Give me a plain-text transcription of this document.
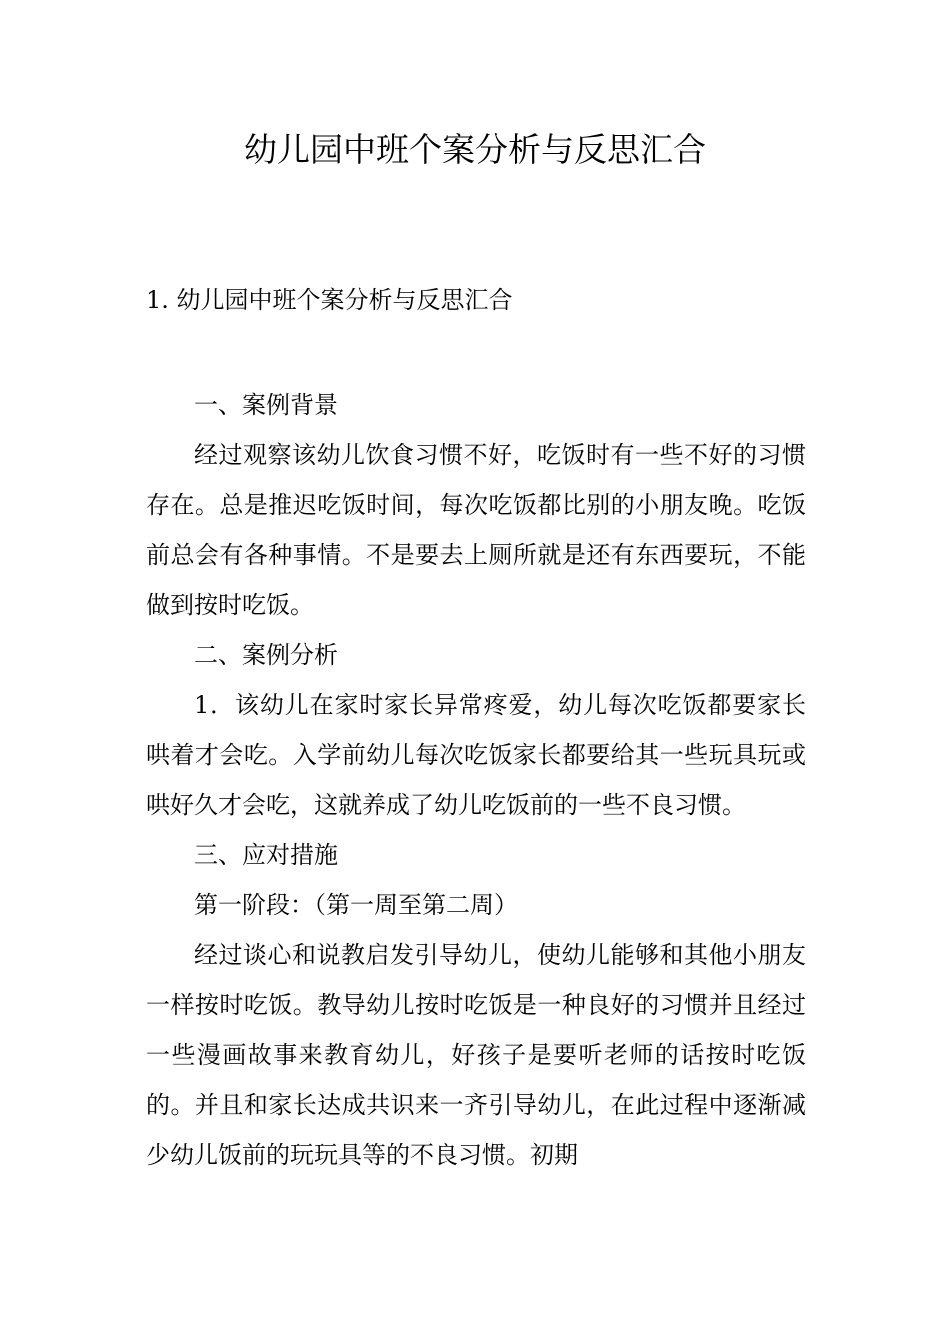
幼儿园中班个案分析与反思汇合
1. 幼儿园中班个案分析与反思汇合

一、案例背景

经过观察该幼儿饮食习惯不好，吃饭时有一些不好的习惯存在。总是推迟吃饭时间，每次吃饭都比别的小朋友晚。吃饭前总会有各种事情。不是要去上厕所就是还有东西要玩，不能做到按时吃饭。

二、案例分析

1．该幼儿在家时家长异常疼爱，幼儿每次吃饭都要家长哄着才会吃。入学前幼儿每次吃饭家长都要给其一些玩具玩或哄好久才会吃，这就养成了幼儿吃饭前的一些不良习惯。

三、应对措施

第一阶段：（第一周至第二周）

经过谈心和说教启发引导幼儿，使幼儿能够和其他小朋友一样按时吃饭。教导幼儿按时吃饭是一种良好的习惯并且经过一些漫画故事来教育幼儿，好孩子是要听老师的话按时吃饭的。并且和家长达成共识来一齐引导幼儿，在此过程中逐渐减少幼儿饭前的玩玩具等的不良习惯。初期
